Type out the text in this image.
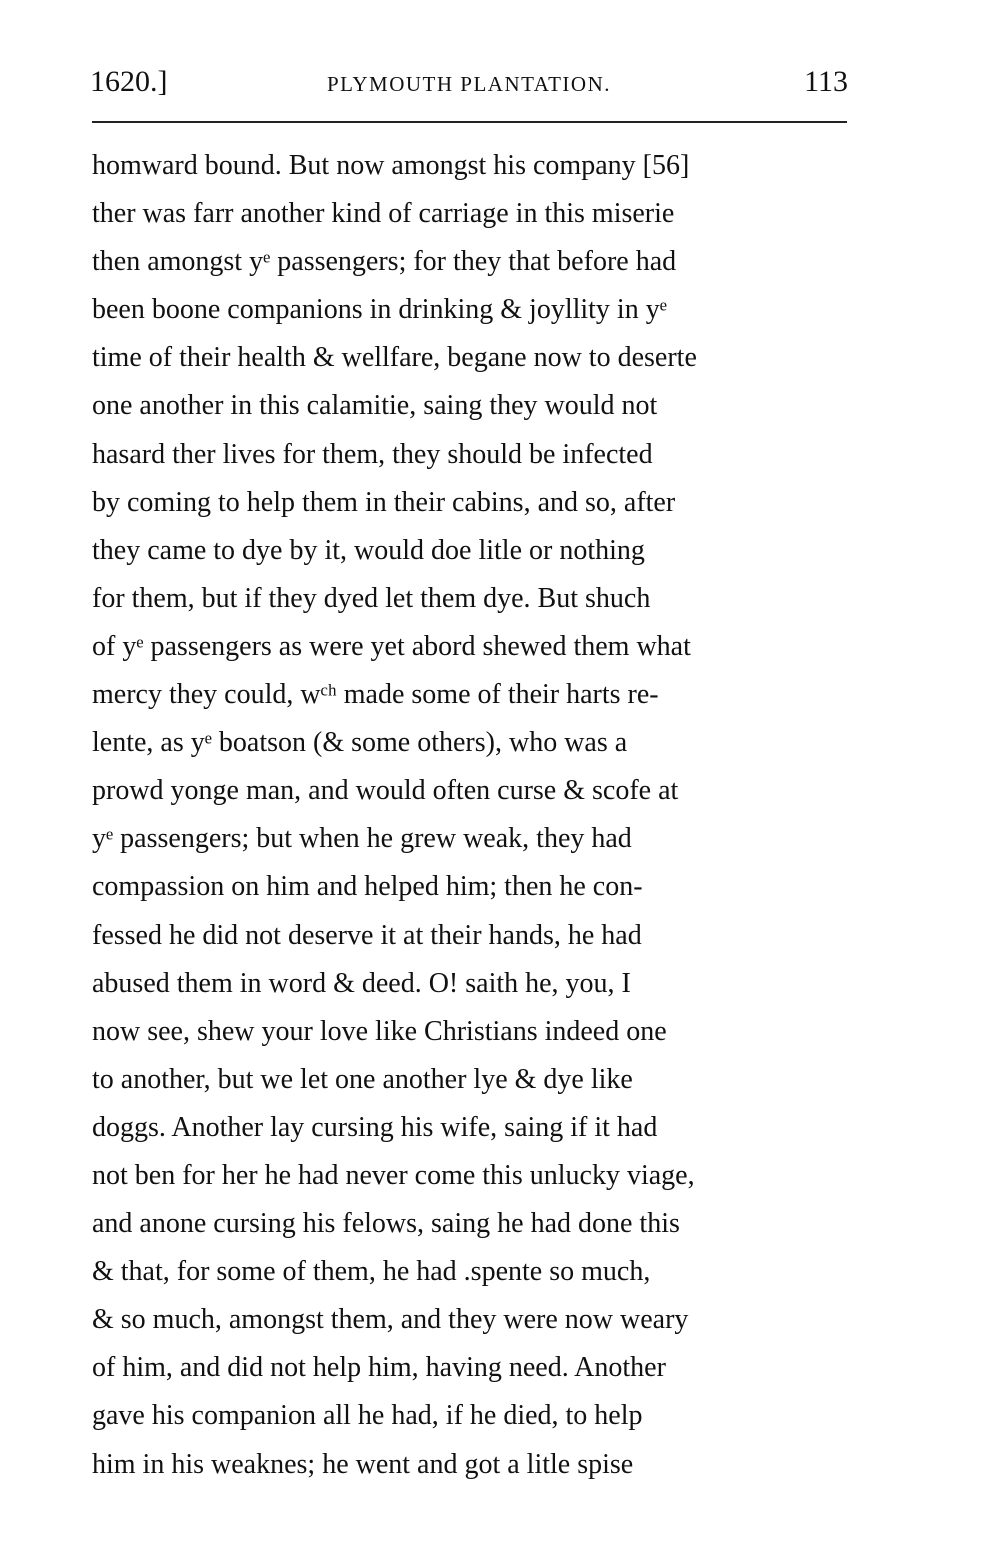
1620.]	PLYMOUTH PLANTATION.	113
homward bound. But now amongst his company [56]
ther was farr another kind of carriage in this miserie
then amongst yᵉ passengers; for they that before had
been boone companions in drinking & joyllity in yᵉ
time of their health & wellfare, begane now to deserte
one another in this calamitie, saing they would not
hasard ther lives for them, they should be infected
by coming to help them in their cabins, and so, after
they came to dye by it, would doe litle or nothing
for them, but if they dyed let them dye. But shuch
of yᵉ passengers as were yet abord shewed them what
mercy they could, wᶜʰ made some of their harts re-
lente, as yᵉ boatson (& some others), who was a
prowd yonge man, and would often curse & scofe at
yᵉ passengers; but when he grew weak, they had
compassion on him and helped him; then he con-
fessed he did not deserve it at their hands, he had
abused them in word & deed. O! saith he, you, I
now see, shew your love like Christians indeed one
to another, but we let one another lye & dye like
doggs. Another lay cursing his wife, saing if it had
not ben for her he had never come this unlucky viage,
and anone cursing his felows, saing he had done this
& that, for some of them, he had .spente so much,
& so much, amongst them, and they were now weary
of him, and did not help him, having need. Another
gave his companion all he had, if he died, to help
him in his weaknes; he went and got a litle spise
